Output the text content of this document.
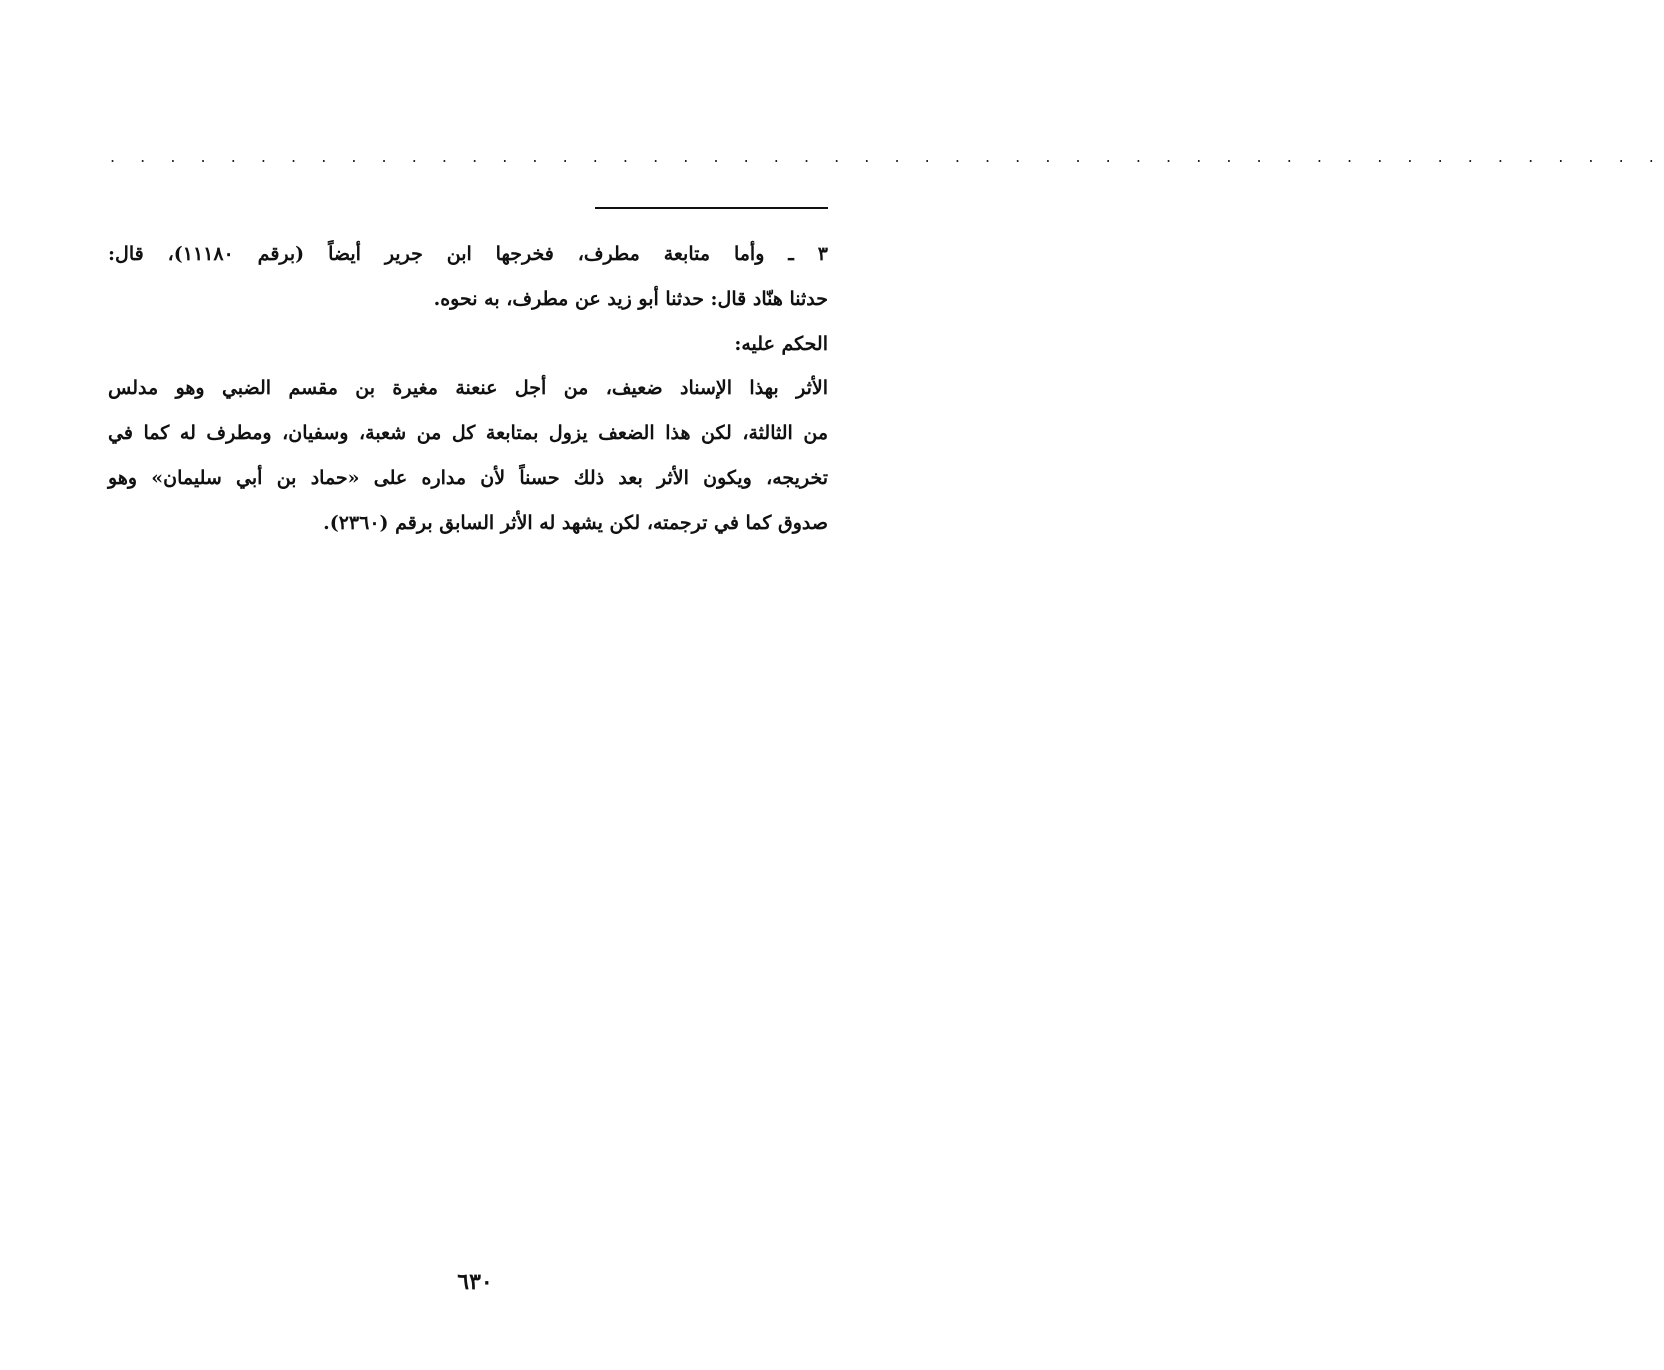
. . . . . . . . . . . . . . . . . . . . . . . . . . . . . . . . . . . . . . . . . . . . . . . . . . . .
٣ ـ وأما متابعة مطرف، فخرجها ابن جرير أيضاً (برقم ١١١٨٠)، قال:
حدثنا هنّاد قال: حدثنا أبو زيد عن مطرف، به نحوه.
الحكم عليه:
الأثر بهذا الإسناد ضعيف، من أجل عنعنة مغيرة بن مقسم الضبي وهو مدلس
من الثالثة، لكن هذا الضعف يزول بمتابعة كل من شعبة، وسفيان، ومطرف له كما في
تخريجه، ويكون الأثر بعد ذلك حسناً لأن مداره على «حماد بن أبي سليمان» وهو
صدوق كما في ترجمته، لكن يشهد له الأثر السابق برقم (٢٣٦٠).
٦٣٠
